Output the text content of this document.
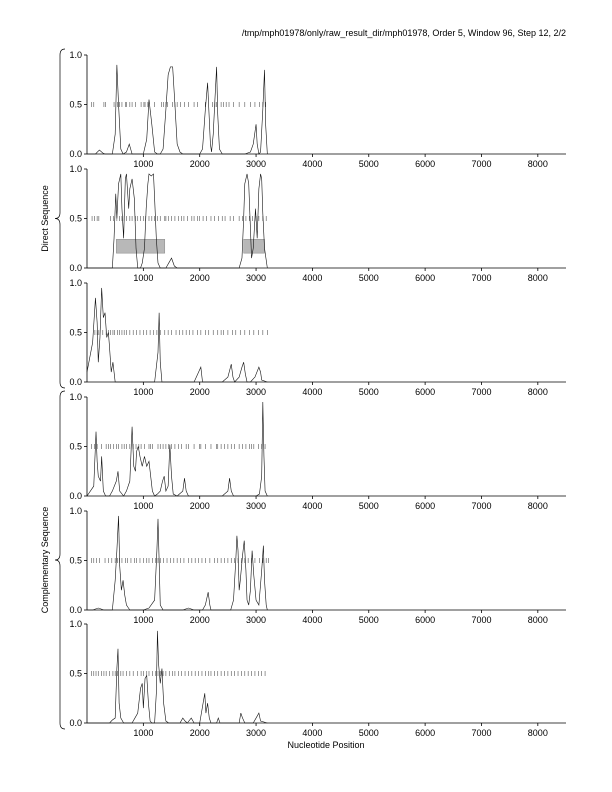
/tmp/mph01978/only/raw_result_dir/mph01978, Order 5, Window 96, Step 12, 2/2
0.0
0.5
1.0
1000	2000	3000	4000	5000	6000	7000	8000
0.0
0.5
1.0
1000	2000	3000	4000	5000	6000	7000	8000
0.0
0.5
1.0
1000	2000	3000	4000	5000	6000	7000	8000
0.0
0.5
1.0
1000	2000	3000	4000	5000	6000	7000	8000
0.0
0.5
1.0
1000	2000	3000	4000	5000	6000	7000	8000
0.0
0.5
1.0
1000	2000	3000	4000	5000	6000	7000	8000
Direct Sequence
Complementary Sequence
Nucleotide Position
